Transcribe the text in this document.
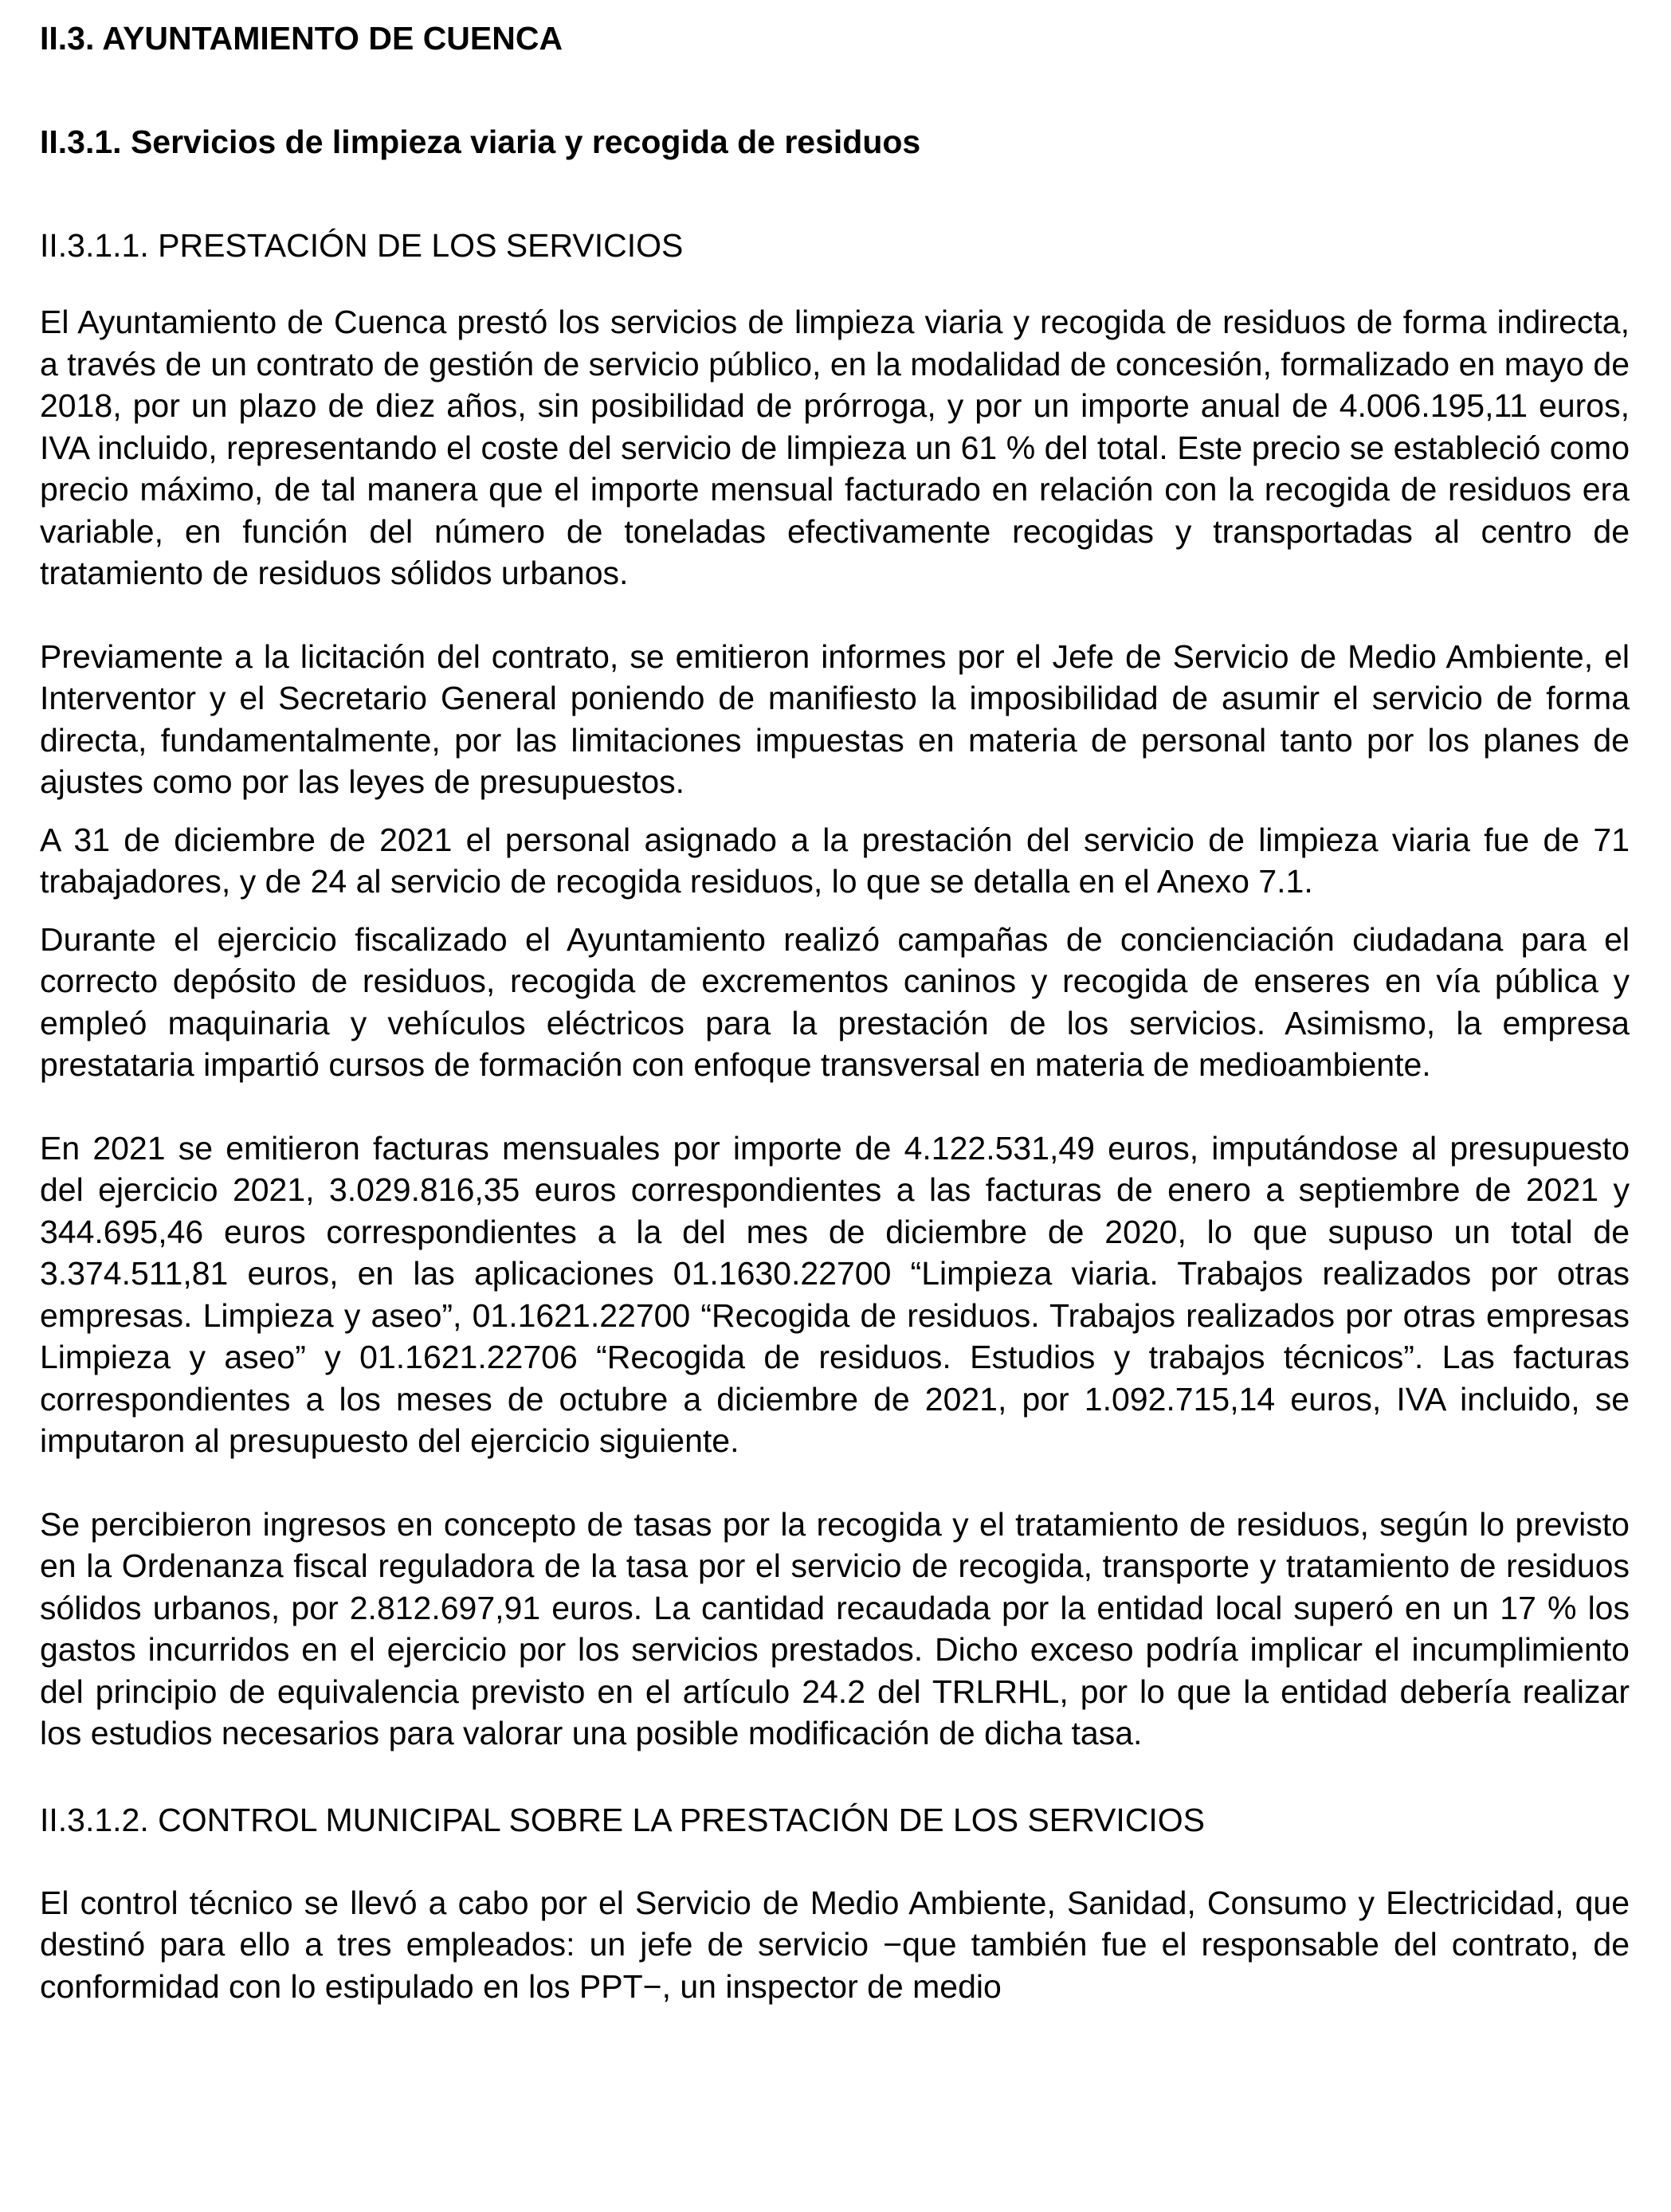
II.3. AYUNTAMIENTO DE CUENCA
II.3.1. Servicios de limpieza viaria y recogida de residuos
II.3.1.1. PRESTACIÓN DE LOS SERVICIOS

El Ayuntamiento de Cuenca prestó los servicios de limpieza viaria y recogida de residuos de forma indirecta, a través de un contrato de gestión de servicio público, en la modalidad de concesión, formalizado en mayo de 2018, por un plazo de diez años, sin posibilidad de prórroga, y por un importe anual de 4.006.195,11 euros, IVA incluido, representando el coste del servicio de limpieza un 61 % del total. Este precio se estableció como precio máximo, de tal manera que el importe mensual facturado en relación con la recogida de residuos era variable, en función del número de toneladas efectivamente recogidas y transportadas al centro de tratamiento de residuos sólidos urbanos.

Previamente a la licitación del contrato, se emitieron informes por el Jefe de Servicio de Medio Ambiente, el Interventor y el Secretario General poniendo de manifiesto la imposibilidad de asumir el servicio de forma directa, fundamentalmente, por las limitaciones impuestas en materia de personal tanto por los planes de ajustes como por las leyes de presupuestos.

A 31 de diciembre de 2021 el personal asignado a la prestación del servicio de limpieza viaria fue de 71 trabajadores, y de 24 al servicio de recogida residuos, lo que se detalla en el Anexo 7.1.

Durante el ejercicio fiscalizado el Ayuntamiento realizó campañas de concienciación ciudadana para el correcto depósito de residuos, recogida de excrementos caninos y recogida de enseres en vía pública y empleó maquinaria y vehículos eléctricos para la prestación de los servicios. Asimismo, la empresa prestataria impartió cursos de formación con enfoque transversal en materia de medioambiente.

En 2021 se emitieron facturas mensuales por importe de 4.122.531,49 euros, imputándose al presupuesto del ejercicio 2021, 3.029.816,35 euros correspondientes a las facturas de enero a septiembre de 2021 y 344.695,46 euros correspondientes a la del mes de diciembre de 2020, lo que supuso un total de 3.374.511,81 euros, en las aplicaciones 01.1630.22700 “Limpieza viaria. Trabajos realizados por otras empresas. Limpieza y aseo”, 01.1621.22700 “Recogida de residuos. Trabajos realizados por otras empresas Limpieza y aseo” y 01.1621.22706 “Recogida de residuos. Estudios y trabajos técnicos”. Las facturas correspondientes a los meses de octubre a diciembre de 2021, por 1.092.715,14 euros, IVA incluido, se imputaron al presupuesto del ejercicio siguiente.

Se percibieron ingresos en concepto de tasas por la recogida y el tratamiento de residuos, según lo previsto en la Ordenanza fiscal reguladora de la tasa por el servicio de recogida, transporte y tratamiento de residuos sólidos urbanos, por 2.812.697,91 euros. La cantidad recaudada por la entidad local superó en un 17 % los gastos incurridos en el ejercicio por los servicios prestados. Dicho exceso podría implicar el incumplimiento del principio de equivalencia previsto en el artículo 24.2 del TRLRHL, por lo que la entidad debería realizar los estudios necesarios para valorar una posible modificación de dicha tasa.

II.3.1.2. CONTROL MUNICIPAL SOBRE LA PRESTACIÓN DE LOS SERVICIOS

El control técnico se llevó a cabo por el Servicio de Medio Ambiente, Sanidad, Consumo y Electricidad, que destinó para ello a tres empleados: un jefe de servicio −que también fue el responsable del contrato, de conformidad con lo estipulado en los PPT−, un inspector de medio
